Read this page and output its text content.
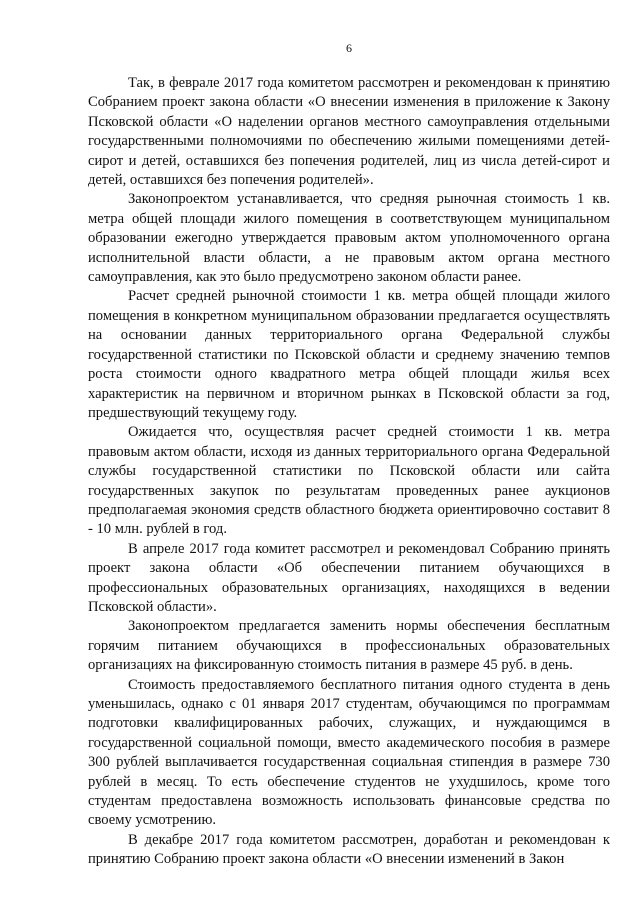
6

Так, в феврале 2017 года комитетом рассмотрен и рекомендован к принятию Собранием проект закона области «О внесении изменения в приложение к Закону Псковской области «О наделении органов местного самоуправления отдельными государственными полномочиями по обеспечению жилыми помещениями детей-сирот и детей, оставшихся без попечения родителей, лиц из числа детей-сирот и детей, оставшихся без попечения родителей».

Законопроектом устанавливается, что средняя рыночная стоимость 1 кв. метра общей площади жилого помещения в соответствующем муниципальном образовании ежегодно утверждается правовым актом уполномоченного органа исполнительной власти области, а не правовым актом органа местного самоуправления, как это было предусмотрено законом области ранее.

Расчет средней рыночной стоимости 1 кв. метра общей площади жилого помещения в конкретном муниципальном образовании предлагается осуществлять на основании данных территориального органа Федеральной службы государственной статистики по Псковской области и среднему значению темпов роста стоимости одного квадратного метра общей площади жилья всех характеристик на первичном и вторичном рынках в Псковской области за год, предшествующий текущему году.

Ожидается что, осуществляя расчет средней стоимости 1 кв. метра правовым актом области, исходя из данных территориального органа Федеральной службы государственной статистики по Псковской области или сайта государственных закупок по результатам проведенных ранее аукционов предполагаемая экономия средств областного бюджета ориентировочно составит 8 - 10 млн. рублей в год.

В апреле 2017 года комитет рассмотрел и рекомендовал Собранию принять проект закона области «Об обеспечении питанием обучающихся в профессиональных образовательных организациях, находящихся в ведении Псковской области».

Законопроектом предлагается заменить нормы обеспечения бесплатным горячим питанием обучающихся в профессиональных образовательных организациях на фиксированную стоимость питания в размере 45 руб. в день.

Стоимость предоставляемого бесплатного питания одного студента в день уменьшилась, однако с 01 января 2017 студентам, обучающимся по программам подготовки квалифицированных рабочих, служащих, и нуждающимся в государственной социальной помощи, вместо академического пособия в размере 300 рублей выплачивается государственная социальная стипендия в размере 730 рублей в месяц. То есть обеспечение студентов не ухудшилось, кроме того студентам предоставлена возможность использовать финансовые средства по своему усмотрению.

В декабре 2017 года комитетом рассмотрен, доработан и рекомендован к принятию Собранию проект закона области «О внесении изменений в Закон
